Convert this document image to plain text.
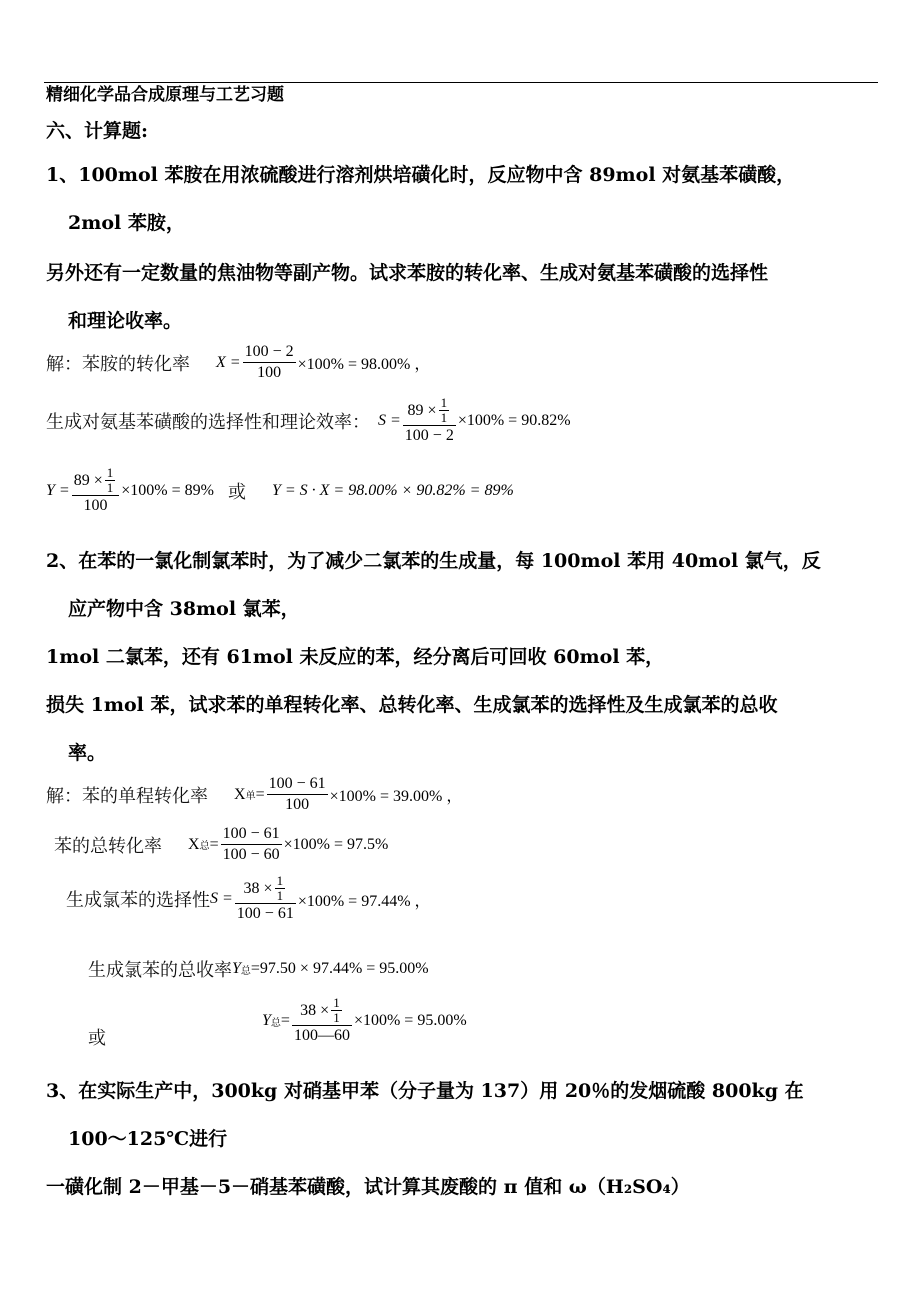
精细化学品合成原理与工艺习题
六、计算题:
1、100mol 苯胺在用浓硫酸进行溶剂烘培磺化时，反应物中含 89mol 对氨基苯磺酸，
2mol 苯胺，
另外还有一定数量的焦油物等副产物。试求苯胺的转化率、生成对氨基苯磺酸的选择性
和理论收率。
解：苯胺的转化率 $X = \frac{100 - 2}{100} \times 100\% = 98.00\%$ ，
生成对氨基苯磺酸的选择性和理论效率： $S = \frac{89 \times \frac{1}{1}}{100 - 2} \times 100\% = 90.82\%$
$Y = \frac{89 \times \frac{1}{1}}{100} \times 100\% = 89\%$ 或 Y = S · X = 98.00% × 90.82% = 89%
2、在苯的一氯化制氯苯时，为了减少二氯苯的生成量，每 100mol 苯用 40mol 氯气，反
应产物中含 38mol 氯苯，
1mol 二氯苯，还有 61mol 未反应的苯，经分离后可回收 60mol 苯，
损失 1mol 苯，试求苯的单程转化率、总转化率、生成氯苯的选择性及生成氯苯的总收
率。
解：苯的单程转化率 X 单 = $\frac{100 - 61}{100} \times 100\% = 39.00\%$ ，
苯的总转化率 X 总 = $\frac{100 - 61}{100 - 60} \times 100\% = 97.5\%$
生成氯苯的选择性 $S = \frac{38 \times \frac{1}{1}}{100 - 61} \times 100\% = 97.44\%$ ，
生成氯苯的总收率 Y 总 =97.50 × 97.44% = 95.00%
或
Y 总 = $\frac{38 \times \frac{1}{1}}{100—60} \times 100\% = 95.00\%$
3、在实际生产中，300kg 对硝基甲苯（分子量为 137）用 20％的发烟硫酸 800kg 在
100～125℃进行
一磺化制 2－甲基－5－硝基苯磺酸，试计算其废酸的 π 值和 ω（H₂SO₄）
